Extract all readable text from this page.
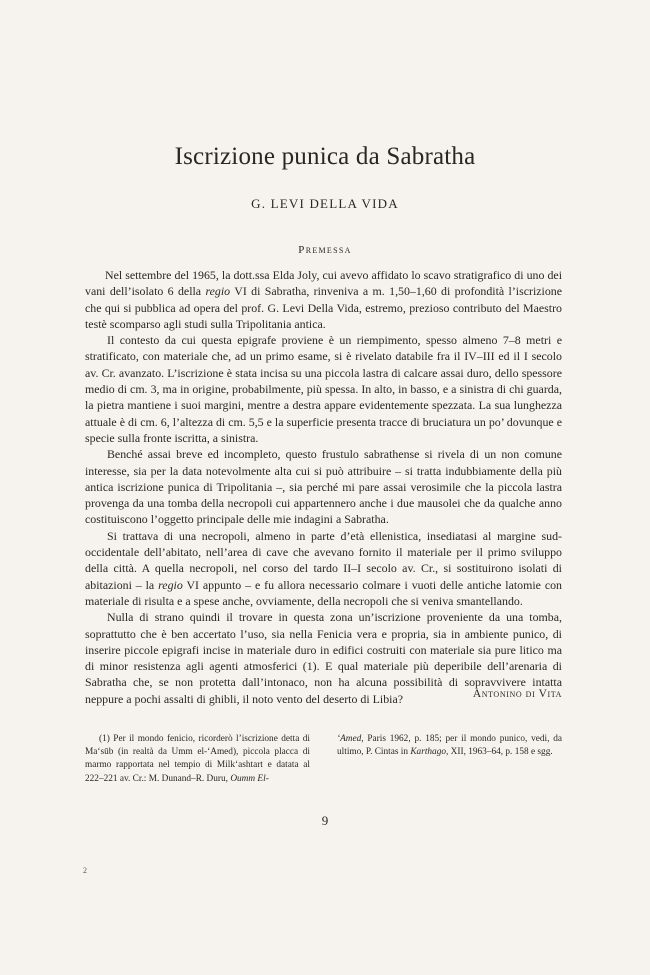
Iscrizione punica da Sabratha
G. LEVI DELLA VIDA
Premessa

Nel settembre del 1965, la dott.ssa Elda Joly, cui avevo affidato lo scavo stratigrafico di uno dei vani dell’isolato 6 della regio VI di Sabratha, rinveniva a m. 1,50–1,60 di profondità l’iscrizione che qui si pubblica ad opera del prof. G. Levi Della Vida, estremo, prezioso contributo del Maestro testè scomparso agli studi sulla Tripolitania antica.

Il contesto da cui questa epigrafe proviene è un riempimento, spesso almeno 7–8 metri e stratificato, con materiale che, ad un primo esame, si è rivelato databile fra il IV–III ed il I secolo av. Cr. avanzato. L’iscrizione è stata incisa su una piccola lastra di calcare assai duro, dello spessore medio di cm. 3, ma in origine, probabilmente, più spessa. In alto, in basso, e a sinistra di chi guarda, la pietra mantiene i suoi margini, mentre a destra appare evidentemente spezzata. La sua lunghezza attuale è di cm. 6, l’altezza di cm. 5,5 e la superficie presenta tracce di bruciatura un po’ dovunque e specie sulla fronte iscritta, a sinistra.

Benché assai breve ed incompleto, questo frustulo sabrathense si rivela di un non comune interesse, sia per la data notevolmente alta cui si può attribuire – si tratta indubbiamente della più antica iscrizione punica di Tripolitania –, sia perché mi pare assai verosimile che la piccola lastra provenga da una tomba della necropoli cui appartennero anche i due mausolei che da qualche anno costituiscono l’oggetto principale delle mie indagini a Sabratha.

Si trattava di una necropoli, almeno in parte d’età ellenistica, insediatasi al margine sud-occidentale dell’abitato, nell’area di cave che avevano fornito il materiale per il primo sviluppo della città. A quella necropoli, nel corso del tardo II–I secolo av. Cr., si sostituirono isolati di abitazioni – la regio VI appunto – e fu allora necessario colmare i vuoti delle antiche latomie con materiale di risulta e a spese anche, ovviamente, della necropoli che si veniva smantellando.

Nulla di strano quindi il trovare in questa zona un’iscrizione proveniente da una tomba, soprattutto che è ben accertato l’uso, sia nella Fenicia vera e propria, sia in ambiente punico, di inserire piccole epigrafi incise in materiale duro in edifici costruiti con materiale sia pure litico ma di minor resistenza agli agenti atmosferici (1). E qual materiale più deperibile dell’arenaria di Sabratha che, se non protetta dall’intonaco, non ha alcuna possibilità di sopravvivere intatta neppure a pochi assalti di ghibli, il noto vento del deserto di Libia?	Antonino di Vita

(1) Per il mondo fenicio, ricorderò l’iscrizione detta di Ma‘sūb (in realtà da Umm el-‘Amed), piccola placca di marmo rapportata nel tempio di Milk‘ashtart e datata al 222–221 av. Cr.: M. Dunand–R. Duru, Oumm El-

‘Amed, Paris 1962, p. 185; per il mondo punico, vedi, da ultimo, P. Cintas in Karthago, XII, 1963–64, p. 158 e sgg.

9
2
